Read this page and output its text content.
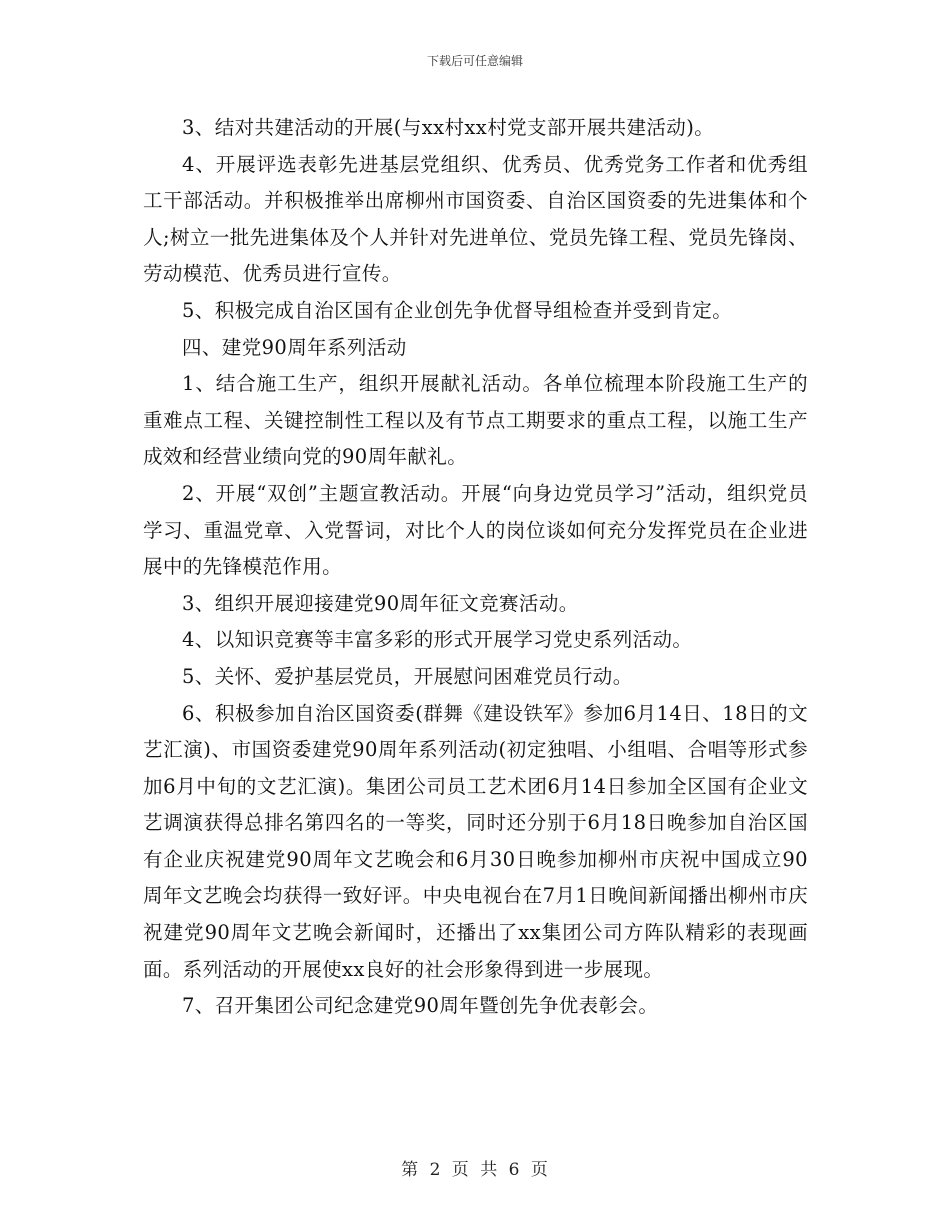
下载后可任意编辑

3、结对共建活动的开展(与xx村xx村党支部开展共建活动)。

4、开展评选表彰先进基层党组织、优秀员、优秀党务工作者和优秀组工干部活动。并积极推举出席柳州市国资委、自治区国资委的先进集体和个人;树立一批先进集体及个人并针对先进单位、党员先锋工程、党员先锋岗、劳动模范、优秀员进行宣传。

5、积极完成自治区国有企业创先争优督导组检查并受到肯定。

四、建党90周年系列活动

1、结合施工生产，组织开展献礼活动。各单位梳理本阶段施工生产的重难点工程、关键控制性工程以及有节点工期要求的重点工程，以施工生产成效和经营业绩向党的90周年献礼。

2、开展“双创”主题宣教活动。开展“向身边党员学习”活动，组织党员学习、重温党章、入党誓词，对比个人的岗位谈如何充分发挥党员在企业进展中的先锋模范作用。

3、组织开展迎接建党90周年征文竞赛活动。

4、以知识竞赛等丰富多彩的形式开展学习党史系列活动。

5、关怀、爱护基层党员，开展慰问困难党员行动。

6、积极参加自治区国资委(群舞《建设铁军》参加6月14日、18日的文艺汇演)、市国资委建党90周年系列活动(初定独唱、小组唱、合唱等形式参加6月中旬的文艺汇演)。集团公司员工艺术团6月14日参加全区国有企业文艺调演获得总排名第四名的一等奖，同时还分别于6月18日晚参加自治区国有企业庆祝建党90周年文艺晚会和6月30日晚参加柳州市庆祝中国成立90周年文艺晚会均获得一致好评。中央电视台在7月1日晚间新闻播出柳州市庆祝建党90周年文艺晚会新闻时，还播出了xx集团公司方阵队精彩的表现画面。系列活动的开展使xx良好的社会形象得到进一步展现。

7、召开集团公司纪念建党90周年暨创先争优表彰会。

第 2 页 共 6 页
